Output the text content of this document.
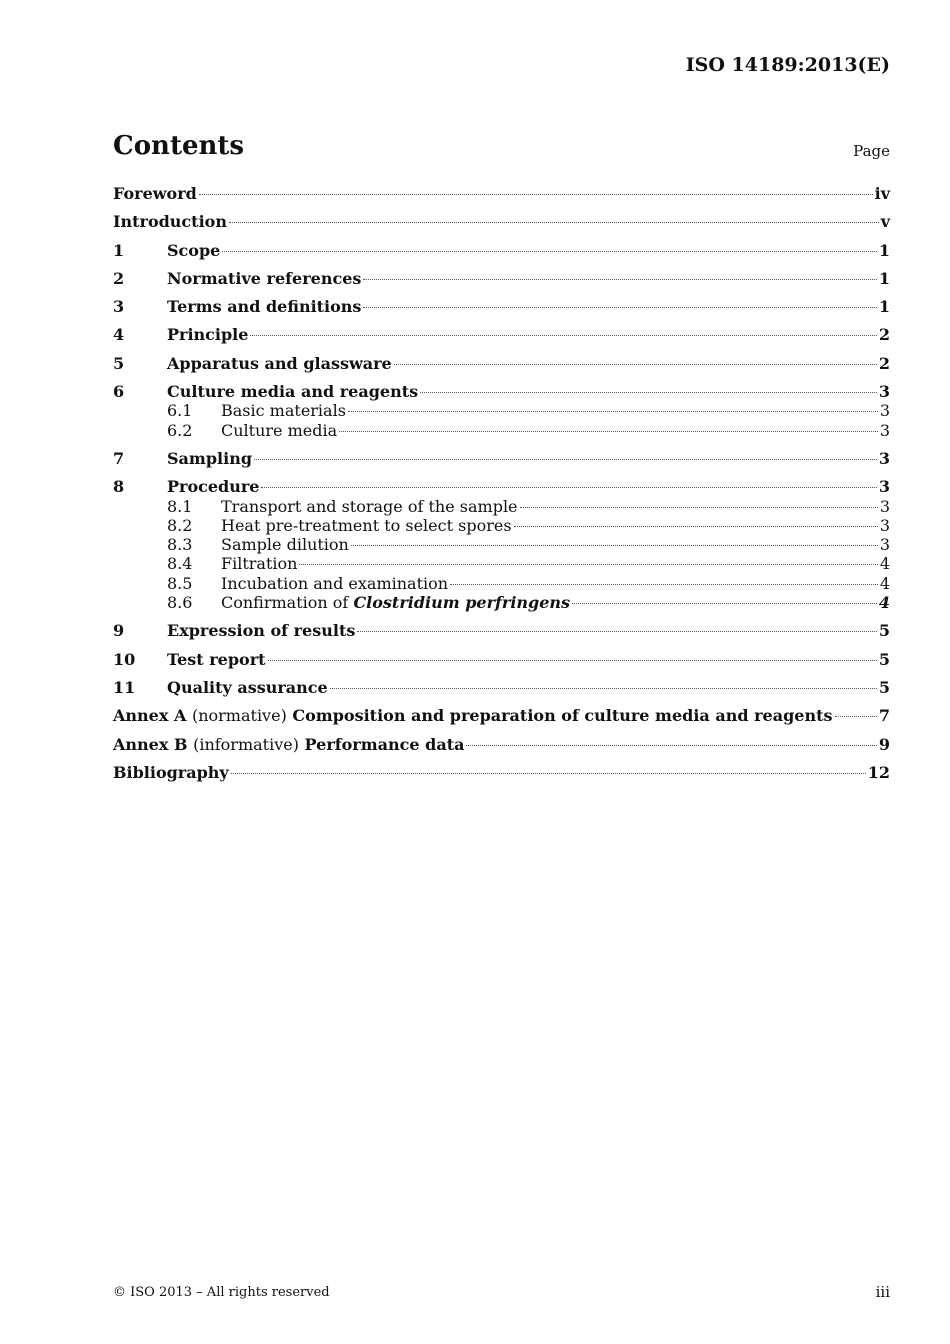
ISO 14189:2013(E)
Contents	Page
Foreword	iv
Introduction	v
1	Scope	1
2	Normative references	1
3	Terms and definitions	1
4	Principle	2
5	Apparatus and glassware	2
6	Culture media and reagents	3
6.1	Basic materials	3
6.2	Culture media	3
7	Sampling	3
8	Procedure	3
8.1	Transport and storage of the sample	3
8.2	Heat pre-treatment to select spores	3
8.3	Sample dilution	3
8.4	Filtration	4
8.5	Incubation and examination	4
8.6	Confirmation of Clostridium perfringens	4
9	Expression of results	5
10	Test report	5
11	Quality assurance	5
Annex A (normative) Composition and preparation of culture media and reagents	7
Annex B (informative) Performance data	9
Bibliography	12
© ISO 2013 – All rights reserved	iii
